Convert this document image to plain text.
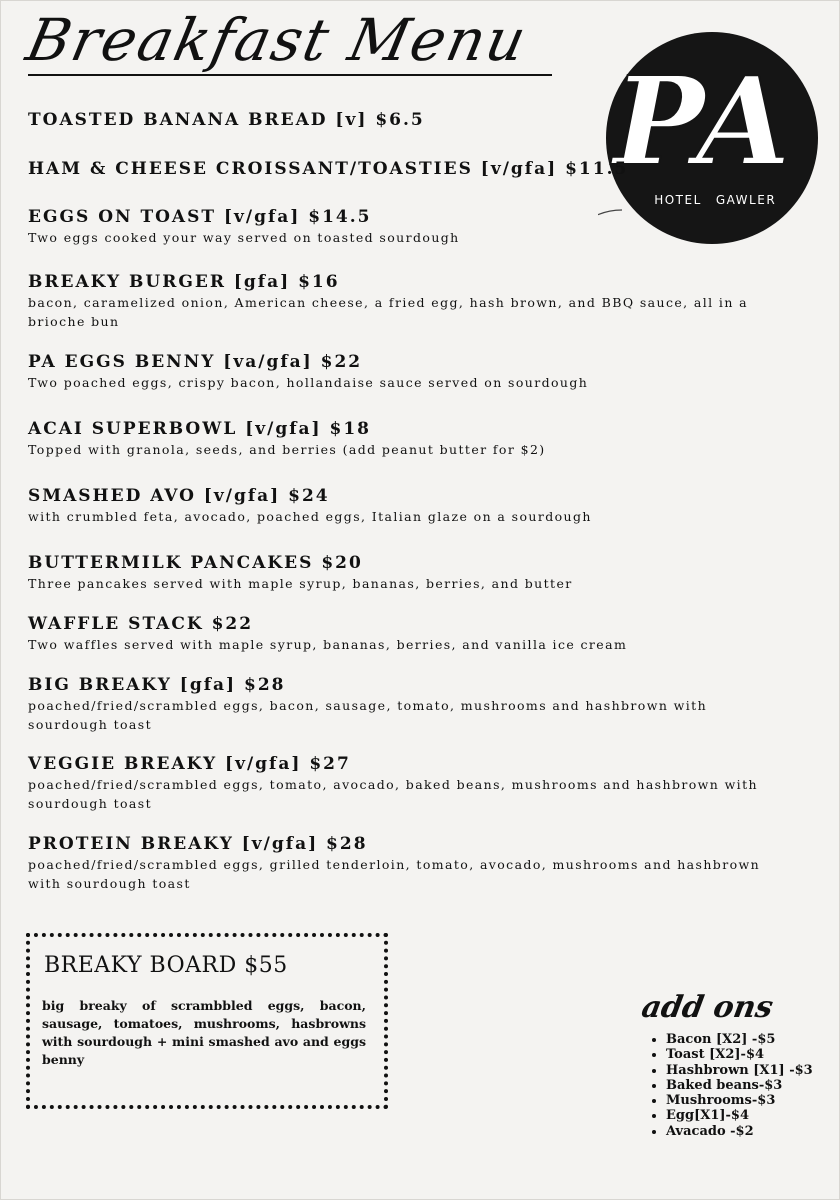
Breakfast Menu
PA
HOTEL GAWLER
TOASTED BANANA BREAD [v] $6.5
HAM & CHEESE CROISSANT/TOASTIES [v/gfa] $11.5
EGGS ON TOAST [v/gfa] $14.5
Two eggs cooked your way served on toasted sourdough
BREAKY BURGER [gfa] $16
bacon, caramelized onion, American cheese, a fried egg, hash brown, and BBQ sauce, all in a brioche bun
PA EGGS BENNY [va/gfa] $22
Two poached eggs, crispy bacon, hollandaise sauce served on sourdough
ACAI SUPERBOWL [v/gfa] $18
Topped with granola, seeds, and berries (add peanut butter for $2)
SMASHED AVO [v/gfa] $24
with crumbled feta, avocado, poached eggs, Italian glaze on a sourdough
BUTTERMILK PANCAKES $20
Three pancakes served with maple syrup, bananas, berries, and butter
WAFFLE STACK $22
Two waffles served with maple syrup, bananas, berries, and vanilla ice cream
BIG BREAKY [gfa] $28
poached/fried/scrambled eggs, bacon, sausage, tomato, mushrooms and hashbrown with sourdough toast
VEGGIE BREAKY [v/gfa] $27
poached/fried/scrambled eggs, tomato, avocado, baked beans, mushrooms and hashbrown with sourdough toast
PROTEIN BREAKY [v/gfa] $28
poached/fried/scrambled eggs, grilled tenderloin, tomato, avocado, mushrooms and hashbrown with sourdough toast
BREAKY BOARD $55
big breaky of scrambbled eggs, bacon, sausage, tomatoes, mushrooms, hasbrowns with sourdough + mini smashed avo and eggs benny
add ons
• Bacon [X2] -$5
• Toast [X2]-$4
• Hashbrown [X1] -$3
• Baked beans-$3
• Mushrooms-$3
• Egg[X1]-$4
• Avacado -$2
